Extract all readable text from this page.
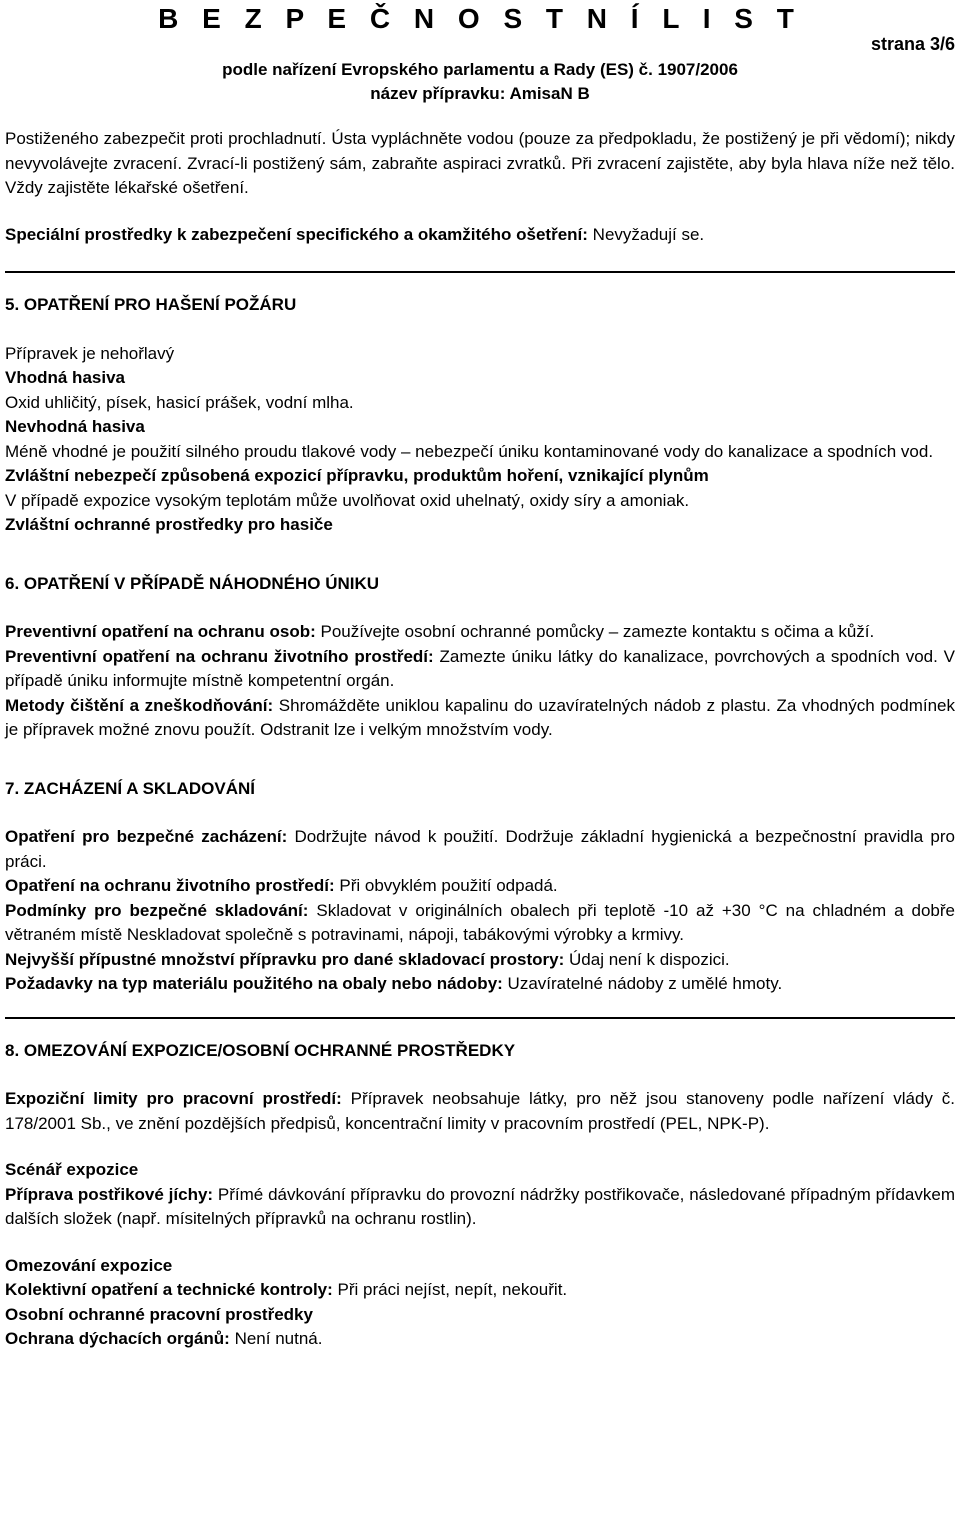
B E Z P E Č N O S T N Í L I S T
strana 3/6
podle nařízení Evropského parlamentu a Rady (ES) č. 1907/2006
název přípravku: AmisaN B

Postiženého zabezpečit proti prochladnutí. Ústa vypláchněte vodou (pouze za předpokladu, že postižený je při vědomí); nikdy nevyvolávejte zvracení. Zvrací-li postižený sám, zabraňte aspiraci zvratků. Při zvracení zajistěte, aby byla hlava níže než tělo. Vždy zajistěte lékařské ošetření.

Speciální prostředky k zabezpečení specifického a okamžitého ošetření: Nevyžadují se.

5. OPATŘENÍ PRO HAŠENÍ POŽÁRU

Přípravek je nehořlavý

Vhodná hasiva

Oxid uhličitý, písek, hasicí prášek, vodní mlha.

Nevhodná hasiva

Méně vhodné je použití silného proudu tlakové vody – nebezpečí úniku kontaminované vody do kanalizace a spodních vod.

Zvláštní nebezpečí způsobená expozicí přípravku, produktům hoření, vznikající plynům

V případě expozice vysokým teplotám může uvolňovat oxid uhelnatý, oxidy síry a amoniak.

Zvláštní ochranné prostředky pro hasiče

6. OPATŘENÍ V PŘÍPADĚ NÁHODNÉHO ÚNIKU

Preventivní opatření na ochranu osob: Používejte osobní ochranné pomůcky – zamezte kontaktu s očima a kůží.

Preventivní opatření na ochranu životního prostředí: Zamezte úniku látky do kanalizace, povrchových a spodních vod. V případě úniku informujte místně kompetentní orgán.

Metody čištění a zneškodňování: Shromážděte uniklou kapalinu do uzavíratelných nádob z plastu. Za vhodných podmínek je přípravek možné znovu použít. Odstranit lze i velkým množstvím vody.

7. ZACHÁZENÍ A SKLADOVÁNÍ

Opatření pro bezpečné zacházení: Dodržujte návod k použití. Dodržuje základní hygienická a bezpečnostní pravidla pro práci.

Opatření na ochranu životního prostředí: Při obvyklém použití odpadá.

Podmínky pro bezpečné skladování: Skladovat v originálních obalech při teplotě -10 až +30 °C na chladném a dobře větraném místě Neskladovat společně s potravinami, nápoji, tabákovými výrobky a krmivy.

Nejvyšší přípustné množství přípravku pro dané skladovací prostory: Údaj není k dispozici.

Požadavky na typ materiálu použitého na obaly nebo nádoby: Uzavíratelné nádoby z umělé hmoty.

8. OMEZOVÁNÍ EXPOZICE/OSOBNÍ OCHRANNÉ PROSTŘEDKY

Expoziční limity pro pracovní prostředí: Přípravek neobsahuje látky, pro něž jsou stanoveny podle nařízení vlády č. 178/2001 Sb., ve znění pozdějších předpisů, koncentrační limity v pracovním prostředí (PEL, NPK-P).

Scénář expozice

Příprava postřikové jíchy: Přímé dávkování přípravku do provozní nádržky postřikovače, následované případným přídavkem dalších složek (např. mísitelných přípravků na ochranu rostlin).

Omezování expozice

Kolektivní opatření a technické kontroly: Při práci nejíst, nepít, nekouřit.

Osobní ochranné pracovní prostředky

Ochrana dýchacích orgánů: Není nutná.
